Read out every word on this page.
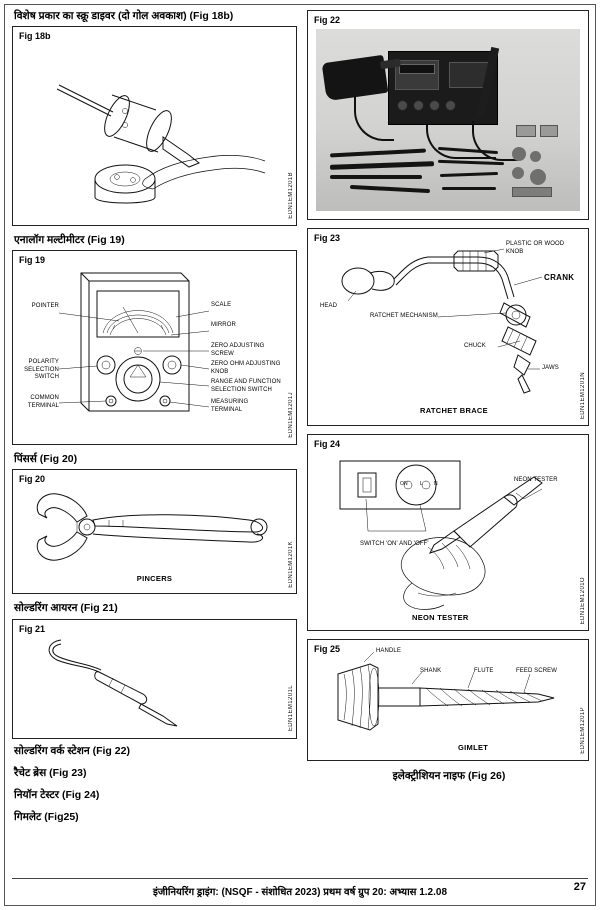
विशेष प्रकार का स्क्रू डाइवर (दो गोल अवकाश) (Fig 18b)
Fig 18b
EDN1EM1201B
एनालॉग मल्टीमीटर (Fig 19)
Fig 19
POINTER	SCALE
MIRROR
ZERO ADJUSTING SCREW
ZERO OHM ADJUSTING KNOB
RANGE AND FUNCTION SELECTION SWITCH
POLARITY SELECTION SWITCH
COMMON TERMINAL
MEASURING TERMINAL	EDN1EM1201J
पिंसर्स (Fig 20)
Fig 20
PINCERS	EDN1EM1201K
सोल्डरिंग आयरन (Fig 21)
Fig 21
EDN1EM1201L
सोल्डरिंग वर्क स्टेशन (Fig 22)
रैचेट ब्रेस (Fig 23)
नियॉन टेस्टर (Fig 24)
गिमलेट (Fig25)
Fig 22
Fig 23
HEAD
PLASTIC OR WOOD KNOB
CRANK
RATCHET MECHANISM
CHUCK
JAWS
RATCHET BRACE	EDN1EM1201N
Fig 24
SWITCH 'ON' AND 'OFF'
NEON TESTER
ON L N
NEON TESTER	EDN1EM1201O
Fig 25	HANDLE
SHANK	FLUTE	FEED SCREW
GIMLET	EDN1EM1201P
इलेक्ट्रीशियन नाइफ (Fig 26)
इंजीनियरिंग ड्राइंग: (NSQF - संशोधित 2023) प्रथम वर्ष ग्रुप 20: अभ्यास 1.2.08	27
